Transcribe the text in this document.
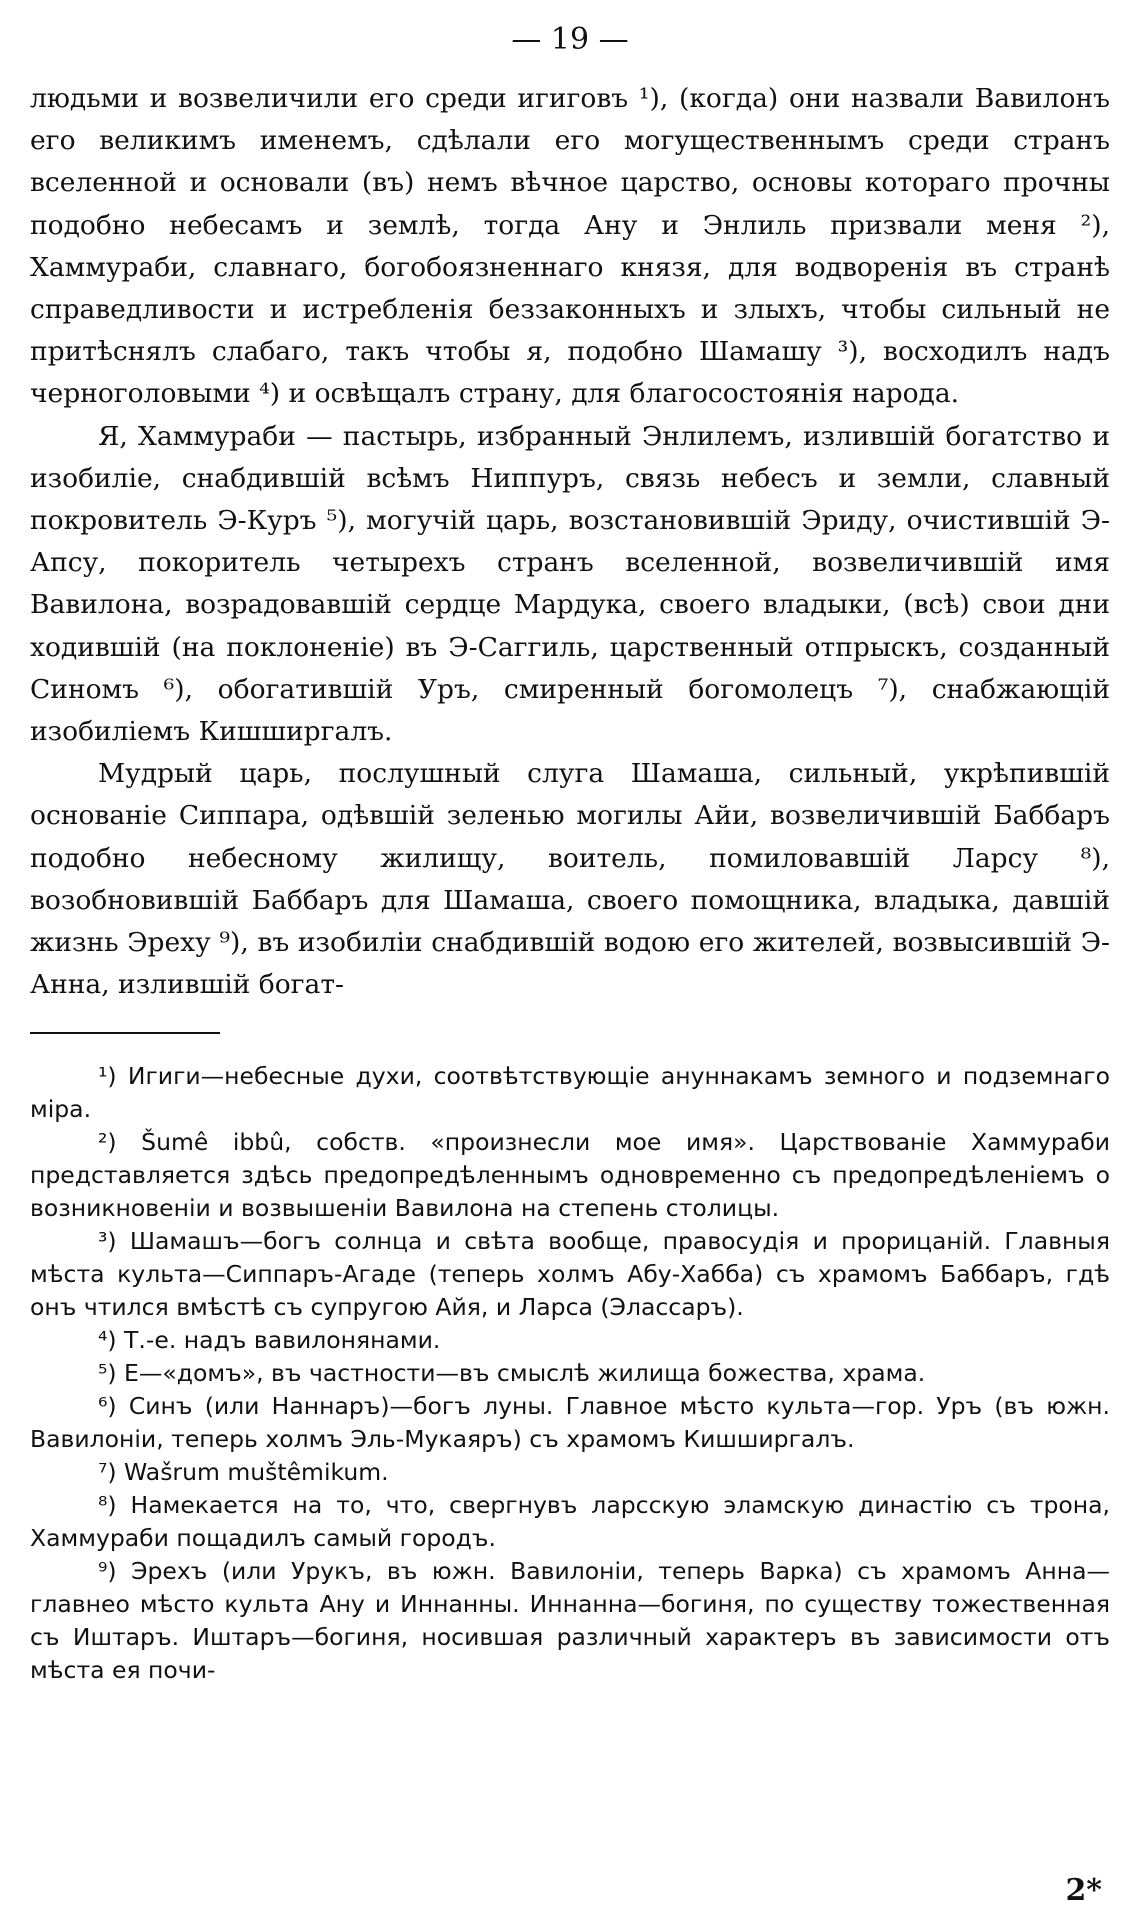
— 19 —

людьми и возвеличили его среди игиговъ ¹), (когда) они назвали Вавилонъ его великимъ именемъ, сдѣлали его могущественнымъ среди странъ вселенной и основали (въ) немъ вѣчное царство, основы котораго прочны подобно небесамъ и землѣ, тогда Ану и Энлиль призвали меня ²), Хаммураби, славнаго, богобоязненнаго князя, для водворенія въ странѣ справедливости и истребленія беззаконныхъ и злыхъ, чтобы сильный не притѣснялъ слабаго, такъ чтобы я, подобно Шамашу ³), восходилъ надъ черноголовыми ⁴) и освѣщалъ страну, для благосостоянія народа.

Я, Хаммураби — пастырь, избранный Энлилемъ, изливш‍ій богатство и изобиліе, снабдивш‍ій всѣмъ Ниппуръ, связь небесъ и земли, славный покровитель Э-Куръ ⁵), могуч‍ій царь, возстановивш‍ій Эриду, очистивш‍ій Э-Апсу, покоритель четырехъ странъ вселенной, возвеличивш‍ій имя Вавилона, возрадовавш‍ій сердце Мардука, своего владыки, (всѣ) свои дни ходивш‍ій (на поклоненіе) въ Э-Саггиль, царственный отпрыскъ, созданный Синомъ ⁶), обогативш‍ій Уръ, смиренный богомолецъ ⁷), снабжающ‍ій изобиліемъ Кишширгалъ.

Мудрый царь, послушный слуга Шамаша, сильный, укрѣпивш‍ій основаніе Сиппара, одѣвш‍ій зеленью могилы Айи, возвеличивш‍ій Баббаръ подобно небесному жилищу, воитель, помиловавш‍ій Ларсу ⁸), возобновивш‍ій Баббаръ для Шамаша, своего помощника, владыка, давш‍ій жизнь Эреху ⁹), въ изобиліи снабдивш‍ій водою его жителей, возвысивш‍ій Э-Анна, изливш‍ій богат-

¹) Игиги—небесные духи, соотвѣтствующіе ануннакамъ земного и подземнаго міра.

²) Šumê ibbû, собств. «произнесли мое имя». Царствованіе Хаммураби представляется здѣсь предопредѣленнымъ одновременно съ предопредѣленіемъ о возникновеніи и возвышеніи Вавилона на степень столицы.

³) Шамашъ—богъ солнца и свѣта вообще, правосудія и прорицаній. Главныя мѣста культа—Сиппаръ-Агаде (теперь холмъ Абу-Хабба) съ храмомъ Баббаръ, гдѣ онъ чтился вмѣстѣ съ супругою Айя, и Ларса (Эласcаръ).

⁴) Т.-е. надъ вавилонянами.

⁵) Е—«домъ», въ частности—въ смыслѣ жилища божества, храма.

⁶) Синъ (или Наннаръ)—богъ луны. Главное мѣсто культа—гор. Уръ (въ южн. Вавилоніи, теперь холмъ Эль-Мукаяръ) съ храмомъ Кишширгалъ.

⁷) Wašrum muštêmikum.

⁸) Намекается на то, что, свергнувъ ларсскую эламскую династію съ трона, Хаммураби пощадилъ самый городъ.

⁹) Эрехъ (или Урукъ, въ южн. Вавилоніи, теперь Варка) съ храмомъ Анна—главнео мѣсто культа Ану и Иннанны. Иннанна—богиня, по существу тожественная съ Иштаръ. Иштаръ—богиня, носившая различный характеръ въ зависимости отъ мѣста ея почи-

2*
